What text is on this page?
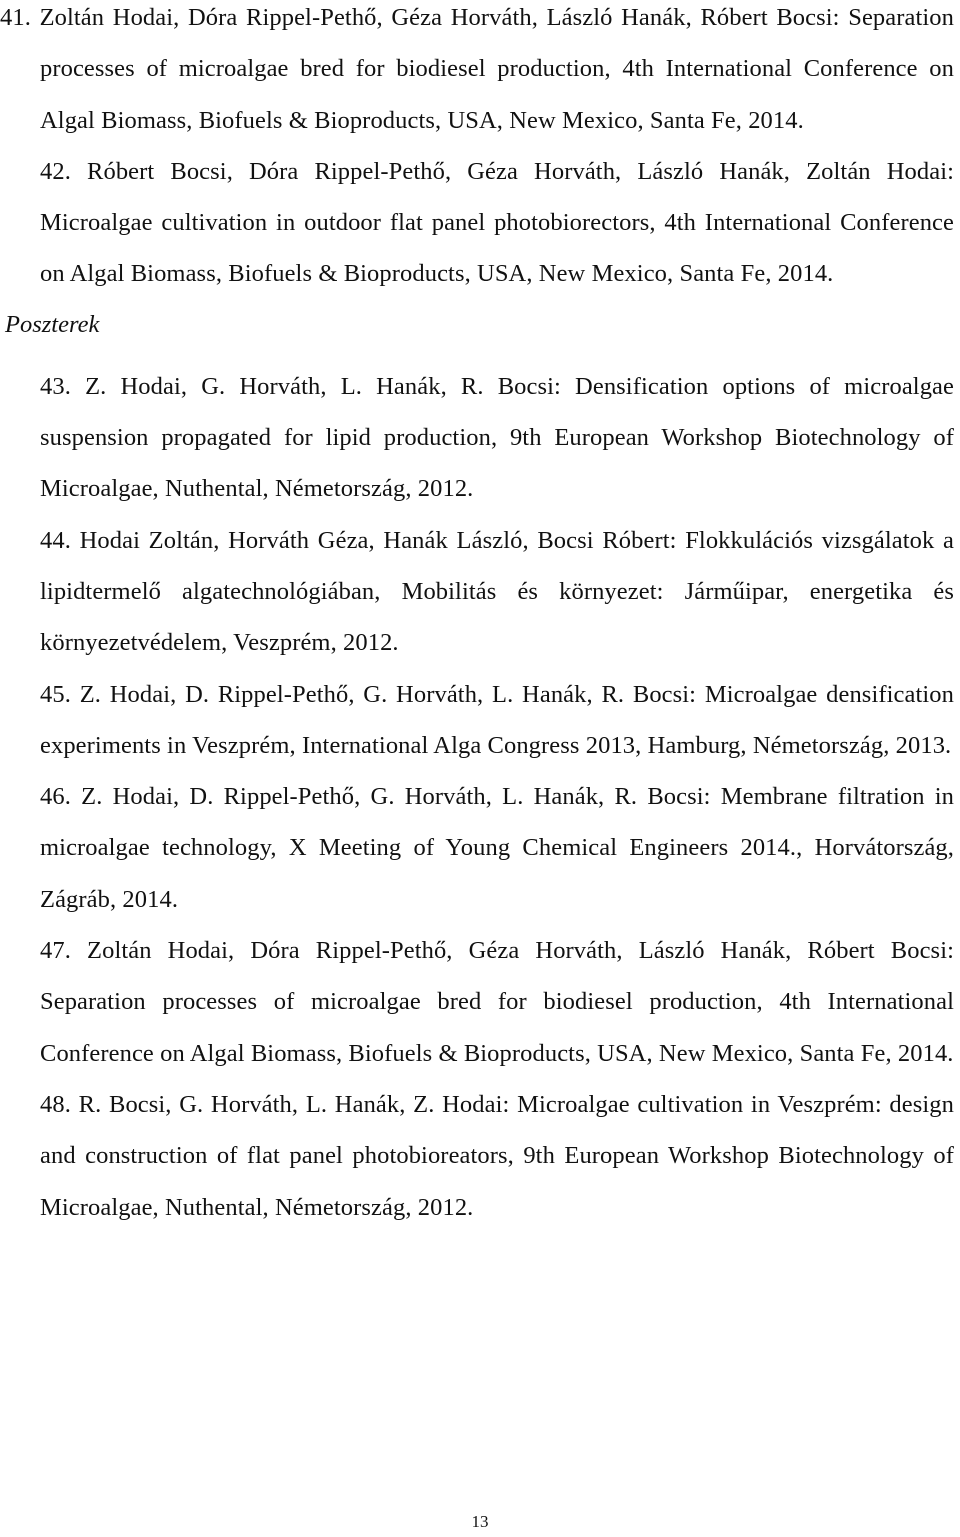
41. Zoltán Hodai, Dóra Rippel-Pethő, Géza Horváth, László Hanák, Róbert Bocsi: Separation processes of microalgae bred for biodiesel production, 4th International Conference on Algal Biomass, Biofuels & Bioproducts, USA, New Mexico, Santa Fe, 2014.

42. Róbert Bocsi, Dóra Rippel-Pethő, Géza Horváth, László Hanák, Zoltán Hodai: Microalgae cultivation in outdoor flat panel photobiorectors, 4th International Conference on Algal Biomass, Biofuels & Bioproducts, USA, New Mexico, Santa Fe, 2014.

Poszterek

43. Z. Hodai, G. Horváth, L. Hanák, R. Bocsi: Densification options of microalgae suspension propagated for lipid production, 9th European Workshop Biotechnology of Microalgae, Nuthental, Németország, 2012.

44. Hodai Zoltán, Horváth Géza, Hanák László, Bocsi Róbert: Flokkulációs vizsgálatok a lipidtermelő algatechnológiában, Mobilitás és környezet: Járműipar, energetika és környezetvédelem, Veszprém, 2012.

45. Z. Hodai, D. Rippel-Pethő, G. Horváth, L. Hanák, R. Bocsi: Microalgae densification experiments in Veszprém, International Alga Congress 2013, Hamburg, Németország, 2013.

46. Z. Hodai, D. Rippel-Pethő, G. Horváth, L. Hanák, R. Bocsi: Membrane filtration in microalgae technology, X Meeting of Young Chemical Engineers 2014., Horvátország, Zágráb, 2014.

47. Zoltán Hodai, Dóra Rippel-Pethő, Géza Horváth, László Hanák, Róbert Bocsi: Separation processes of microalgae bred for biodiesel production, 4th International Conference on Algal Biomass, Biofuels & Bioproducts, USA, New Mexico, Santa Fe, 2014.

48. R. Bocsi, G. Horváth, L. Hanák, Z. Hodai: Microalgae cultivation in Veszprém: design and construction of flat panel photobioreators, 9th European Workshop Biotechnology of Microalgae, Nuthental, Németország, 2012.

13
